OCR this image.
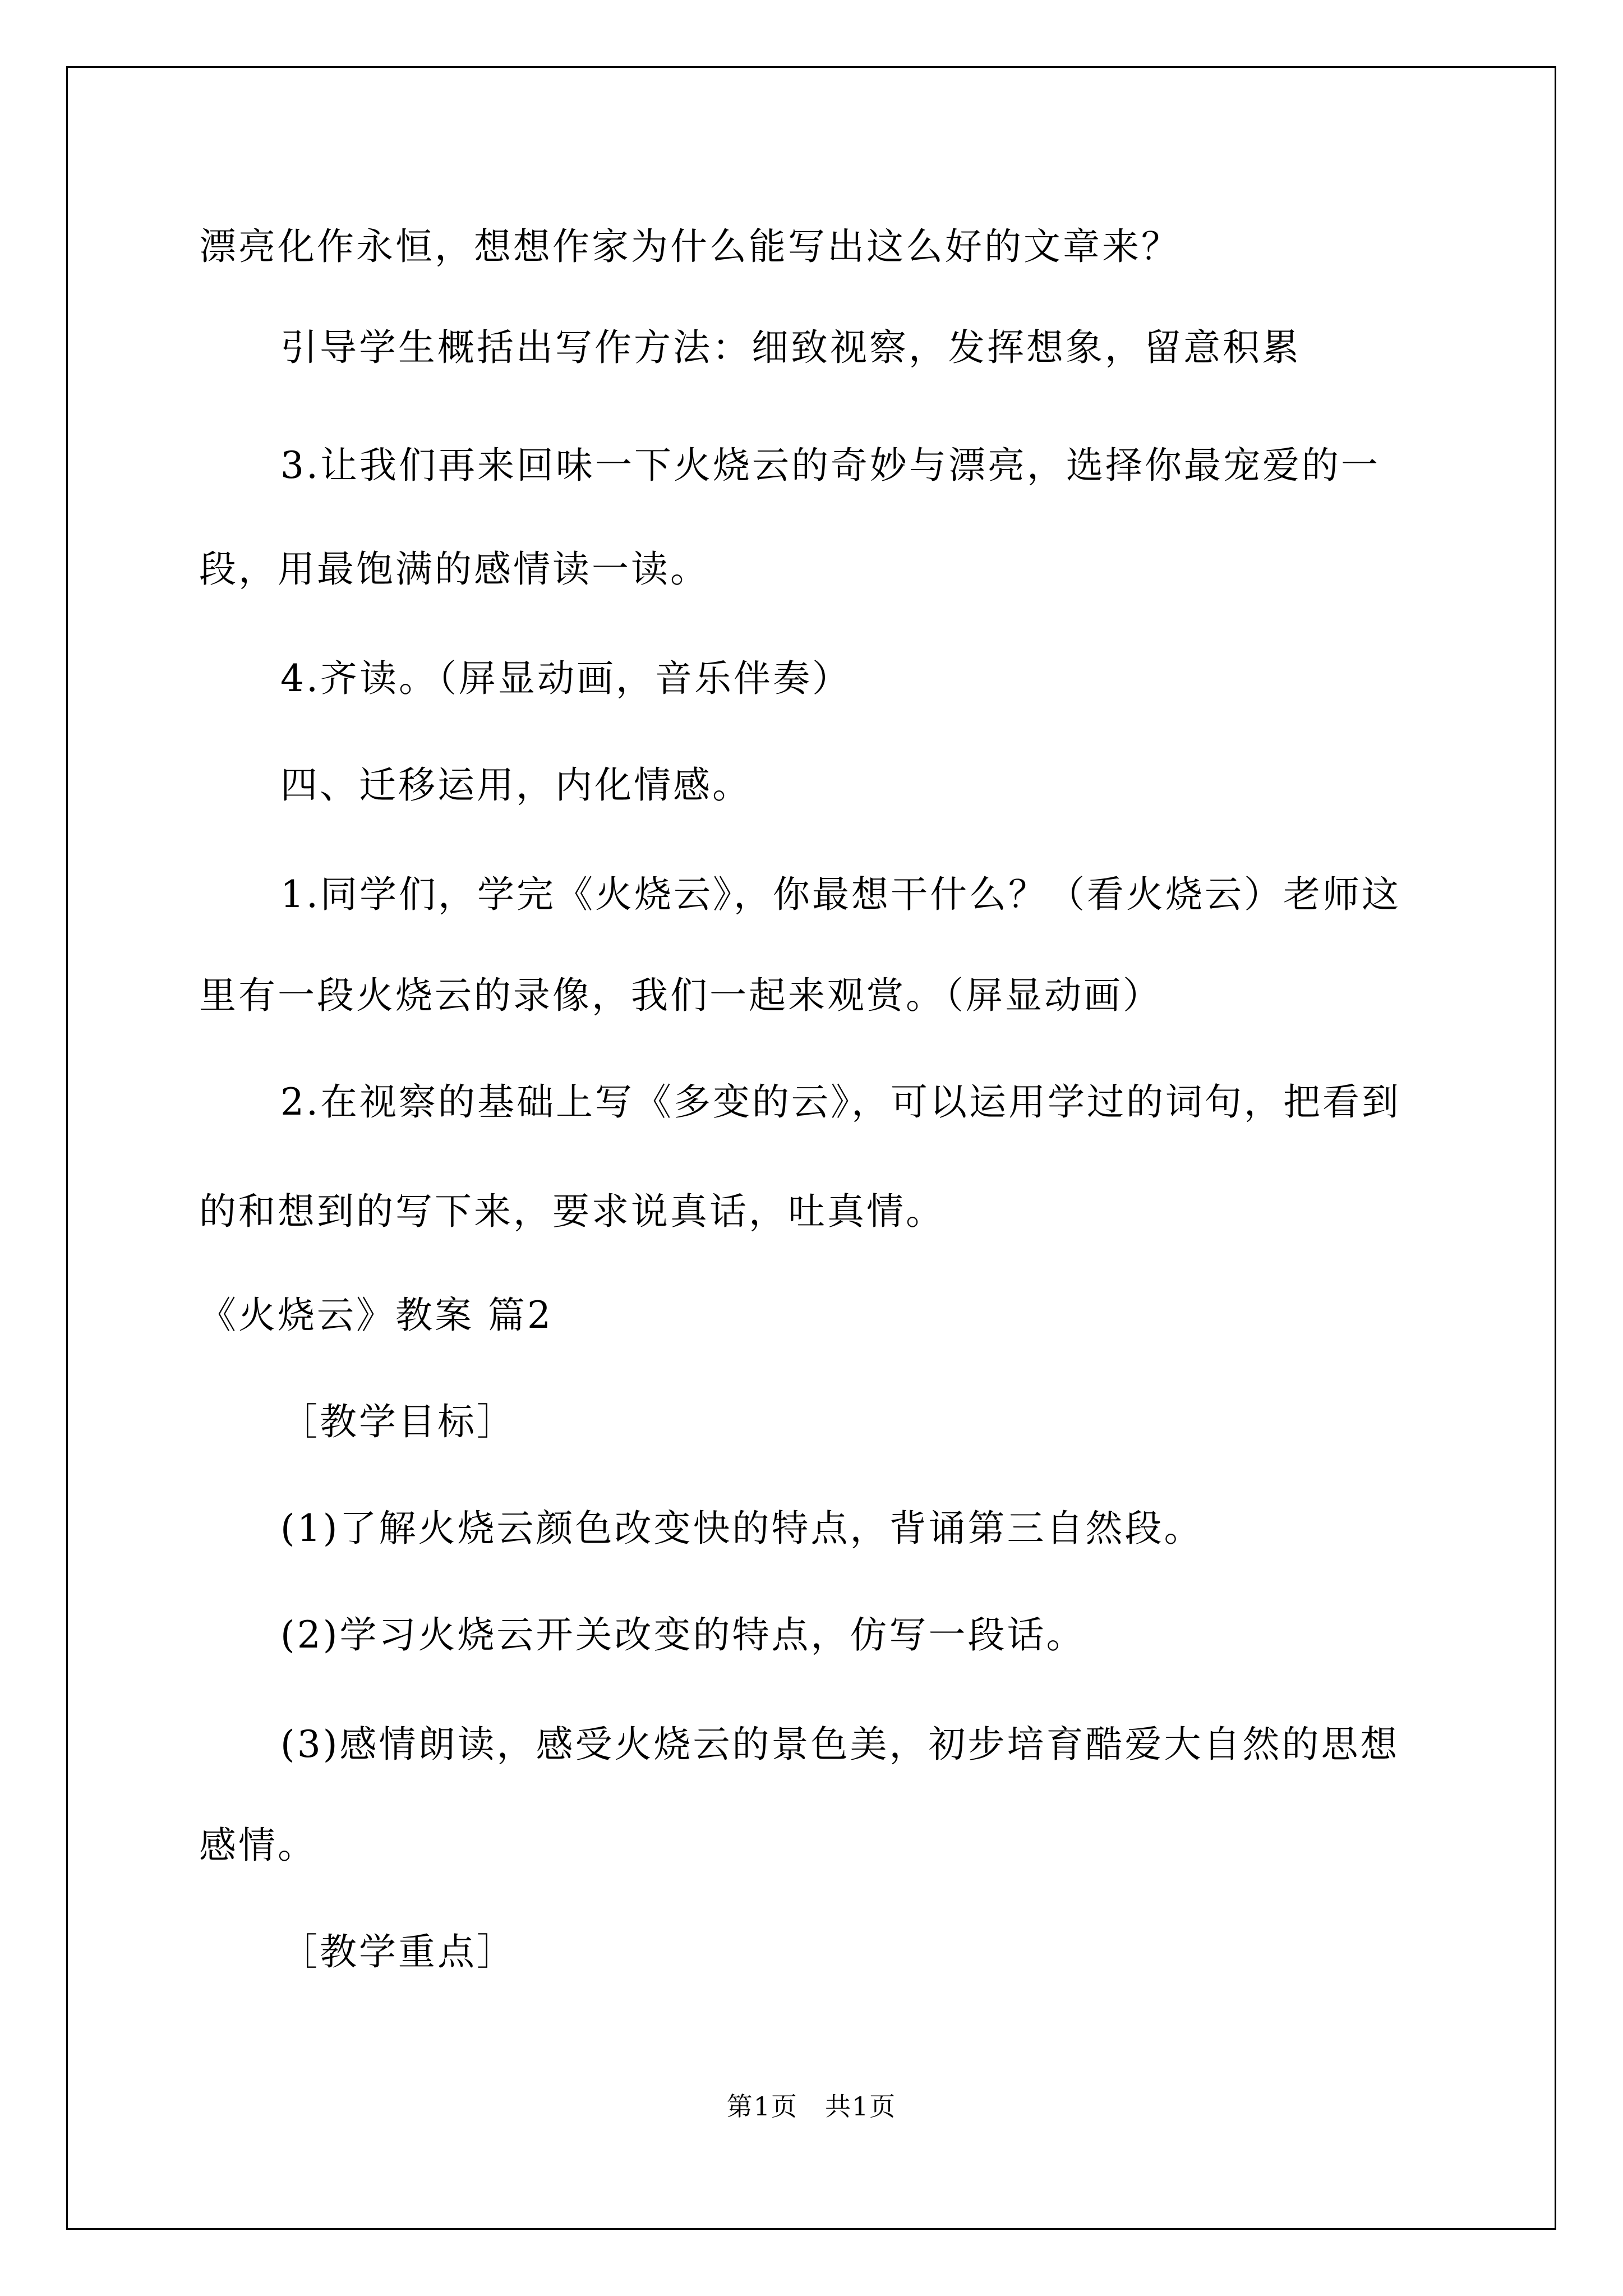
漂亮化作永恒，想想作家为什么能写出这么好的文章来？
引导学生概括出写作方法：细致视察，发挥想象，留意积累
3.让我们再来回味一下火烧云的奇妙与漂亮，选择你最宠爱的一
段，用最饱满的感情读一读。
4.齐读。（屏显动画，音乐伴奏）
四、迁移运用，内化情感。
1.同学们，学完《火烧云》，你最想干什么？（看火烧云）老师这
里有一段火烧云的录像，我们一起来观赏。（屏显动画）
2.在视察的基础上写《多变的云》，可以运用学过的词句，把看到
的和想到的写下来，要求说真话，吐真情。
《火烧云》教案 篇2
［教学目标］
(1)了解火烧云颜色改变快的特点，背诵第三自然段。
(2)学习火烧云开关改变的特点，仿写一段话。
(3)感情朗读，感受火烧云的景色美，初步培育酷爱大自然的思想
感情。
［教学重点］
第1页　共1页
